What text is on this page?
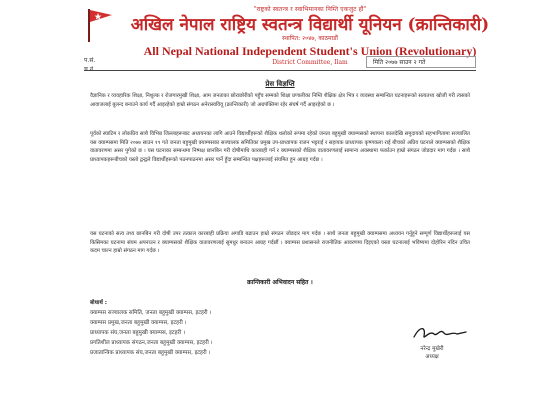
"राष्ट्रको स्वतन्त्र र स्वाभिमानका निम्ति एकजुट हौं"
अखिल नेपाल राष्ट्रिय स्वतन्त्र विद्यार्थी यूनियन (क्रान्तिकारी)
स्थापित: २०४७, काठमाडौं
All Nepal National Independent Student's Union (Revolutionary)
District Committee, Ilam
प.सं.
च.नं.
मिति २०७७ साउन २ गते
प्रेस विज्ञप्ति
वैज्ञानिक र व्यवहारिक शिक्षा, निशुल्क र रोजगारमुखी शिक्षा, आम जनताका छोराछोरीको पहुँच सम्मको शिक्षा प्रणालीका निम्ति शैक्षिक क्षेत्र भित्र र व्यवस्था सम्बन्धित घटनाहरूको सत्यतथ्य खोजी गरी त्यसको आवाजलाई बुलन्द बनाउने कार्य गर्दै आइरहेको हाम्रो संगठन अनेरास्ववियू (क्रान्तिकारी) जो अग्रपंक्तिमा रहेर संघर्ष गर्दै आइरहेको छ ।
पूर्वको स्याटिम र लोकप्रिय साथै विभिन्न जिल्लाहरूबाट अध्ययनका लागि आउने विद्यार्थीहरूको शैक्षिक थलोको रूपमा रहेको जनता बहुमुखी क्याम्पसको स्थापना कालदेखि समुदायको सहभागितामा सञ्चालित यस क्याम्पसमा मिति २०७७ साउन १९ गते जनता बहुमुखी क्याम्पसका सञ्चालक समितिका प्रमुख उप-प्राध्यापक राजन भट्टराई र सहायक प्राध्यापक कृष्णकला राई बीचको अप्रिय घटनाले क्याम्पसको शैक्षिक वातावरणमा असर पुगेको छ । यस घटनाका सम्बन्धमा निष्पक्ष छानबिन गरी दोषीमाथि कारबाही गर्न र क्याम्पसको शैक्षिक वातावरणलाई सामान्य अवस्थामा फर्काउन हाम्रो संगठन जोडदार माग गर्दछ । साथै प्राध्यापकहरूबीचको यस्तो द्वन्द्वले विद्यार्थीहरूको पठनपाठनमा असर पार्ने हुँदा सम्बन्धित पक्षहरूलाई संयमित हुन आग्रह गर्दछ ।
यस घटनाको सत्य तथ्य छानबिन गरी दोषी उपर तत्काल कारबाही प्रक्रिया अगाडि बढाउन हाम्रो संगठन जोडदार माग गर्दछ । साथै जनता बहुमुखी क्याम्पसमा अध्ययन गर्नुहुने सम्पूर्ण विद्यार्थीहरूलाई यस किसिमका घटनामा संयम अपनाउन र क्याम्पसको शैक्षिक वातावरणलाई सुमधुर बनाउन आग्रह गर्दछौं । क्याम्पस प्रशासनले राजनीतिक आवरणमा दिइएको यस्ता घटनालाई भविष्यमा दोहोरिन नदिन उचित कदम चाल्न हाम्रो संगठन माग गर्दछ ।
क्रान्तिकारी अभिवादन सहित ।
बोधार्थ :
क्याम्पस सञ्चालक समिति, जनता बहुमुखी क्याम्पस, इटहरी ।
क्याम्पस प्रमुख,जनता बहुमुखी क्याम्पस, इटहरी ।
प्राध्यापक संघ,जनता बहुमुखी क्याम्पस, इटहरी ।
प्रगतिशील प्राध्यापक संगठन,जनता बहुमुखी क्याम्पस, इटहरी ।
प्रजातान्त्रिक प्राध्यापक संघ,जनता बहुमुखी क्याम्पस, इटहरी ।
नरेन्द्र मुखेरी
अध्यक्ष
